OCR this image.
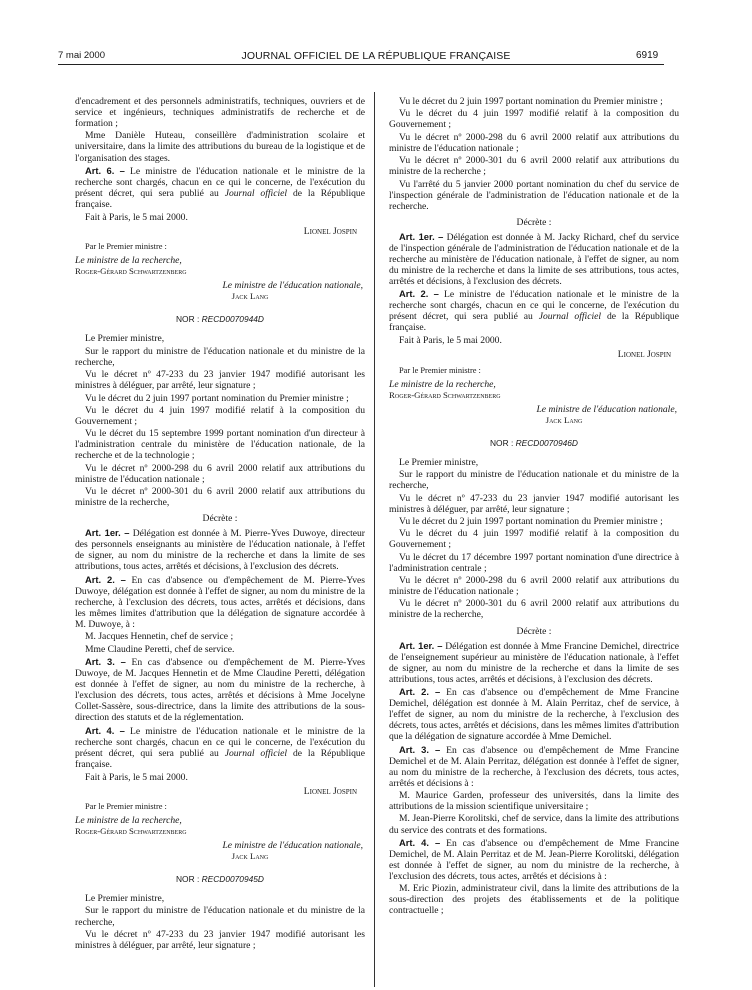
7 mai 2000	JOURNAL OFFICIEL DE LA RÉPUBLIQUE FRANÇAISE	6919

d'encadrement et des personnels administratifs, techniques, ouvriers et de service et ingénieurs, techniques administratifs de recherche et de formation ;

Mme Danièle Huteau, conseillère d'administration scolaire et universitaire, dans la limite des attributions du bureau de la logistique et de l'organisation des stages.

Art. 6. – Le ministre de l'éducation nationale et le ministre de la recherche sont chargés, chacun en ce qui le concerne, de l'exécution du présent décret, qui sera publié au Journal officiel de la République française.

Fait à Paris, le 5 mai 2000.

Lionel Jospin

Par le Premier ministre :

Le ministre de la recherche,

Roger-Gérard Schwartzenberg

Le ministre de l'éducation nationale,

Jack Lang

NOR : RECD0070944D

Le Premier ministre,

Sur le rapport du ministre de l'éducation nationale et du ministre de la recherche,

Vu le décret nº 47-233 du 23 janvier 1947 modifié autorisant les ministres à déléguer, par arrêté, leur signature ;

Vu le décret du 2 juin 1997 portant nomination du Premier ministre ;

Vu le décret du 4 juin 1997 modifié relatif à la composition du Gouvernement ;

Vu le décret du 15 septembre 1999 portant nomination d'un directeur à l'administration centrale du ministère de l'éducation nationale, de la recherche et de la technologie ;

Vu le décret nº 2000-298 du 6 avril 2000 relatif aux attributions du ministre de l'éducation nationale ;

Vu le décret nº 2000-301 du 6 avril 2000 relatif aux attributions du ministre de la recherche,

Décrète :

Art. 1er. – Délégation est donnée à M. Pierre-Yves Duwoye, directeur des personnels enseignants au ministère de l'éducation nationale, à l'effet de signer, au nom du ministre de la recherche et dans la limite de ses attributions, tous actes, arrêtés et décisions, à l'exclusion des décrets.

Art. 2. – En cas d'absence ou d'empêchement de M. Pierre-Yves Duwoye, délégation est donnée à l'effet de signer, au nom du ministre de la recherche, à l'exclusion des décrets, tous actes, arrêtés et décisions, dans les mêmes limites d'attribution que la délégation de signature accordée à M. Duwoye, à :

M. Jacques Hennetin, chef de service ;

Mme Claudine Peretti, chef de service.

Art. 3. – En cas d'absence ou d'empêchement de M. Pierre-Yves Duwoye, de M. Jacques Hennetin et de Mme Claudine Peretti, délégation est donnée à l'effet de signer, au nom du ministre de la recherche, à l'exclusion des décrets, tous actes, arrêtés et décisions à Mme Jocelyne Collet-Sassère, sous-directrice, dans la limite des attributions de la sous-direction des statuts et de la réglementation.

Art. 4. – Le ministre de l'éducation nationale et le ministre de la recherche sont chargés, chacun en ce qui le concerne, de l'exécution du présent décret, qui sera publié au Journal officiel de la République française.

Fait à Paris, le 5 mai 2000.

Lionel Jospin

Par le Premier ministre :

Le ministre de la recherche,

Roger-Gérard Schwartzenberg

Le ministre de l'éducation nationale,

Jack Lang

NOR : RECD0070945D

Le Premier ministre,

Sur le rapport du ministre de l'éducation nationale et du ministre de la recherche,

Vu le décret nº 47-233 du 23 janvier 1947 modifié autorisant les ministres à déléguer, par arrêté, leur signature ;

Vu le décret du 2 juin 1997 portant nomination du Premier ministre ;

Vu le décret du 4 juin 1997 modifié relatif à la composition du Gouvernement ;

Vu le décret nº 2000-298 du 6 avril 2000 relatif aux attributions du ministre de l'éducation nationale ;

Vu le décret nº 2000-301 du 6 avril 2000 relatif aux attributions du ministre de la recherche ;

Vu l'arrêté du 5 janvier 2000 portant nomination du chef du service de l'inspection générale de l'administration de l'éducation nationale et de la recherche.

Décrète :

Art. 1er. – Délégation est donnée à M. Jacky Richard, chef du service de l'inspection générale de l'administration de l'éducation nationale et de la recherche au ministère de l'éducation nationale, à l'effet de signer, au nom du ministre de la recherche et dans la limite de ses attributions, tous actes, arrêtés et décisions, à l'exclusion des décrets.

Art. 2. – Le ministre de l'éducation nationale et le ministre de la recherche sont chargés, chacun en ce qui le concerne, de l'exécution du présent décret, qui sera publié au Journal officiel de la République française.

Fait à Paris, le 5 mai 2000.

Lionel Jospin

Par le Premier ministre :

Le ministre de la recherche,

Roger-Gérard Schwartzenberg

Le ministre de l'éducation nationale,

Jack Lang

NOR : RECD0070946D

Le Premier ministre,

Sur le rapport du ministre de l'éducation nationale et du ministre de la recherche,

Vu le décret nº 47-233 du 23 janvier 1947 modifié autorisant les ministres à déléguer, par arrêté, leur signature ;

Vu le décret du 2 juin 1997 portant nomination du Premier ministre ;

Vu le décret du 4 juin 1997 modifié relatif à la composition du Gouvernement ;

Vu le décret du 17 décembre 1997 portant nomination d'une directrice à l'administration centrale ;

Vu le décret nº 2000-298 du 6 avril 2000 relatif aux attributions du ministre de l'éducation nationale ;

Vu le décret nº 2000-301 du 6 avril 2000 relatif aux attributions du ministre de la recherche,

Décrète :

Art. 1er. – Délégation est donnée à Mme Francine Demichel, directrice de l'enseignement supérieur au ministère de l'éducation nationale, à l'effet de signer, au nom du ministre de la recherche et dans la limite de ses attributions, tous actes, arrêtés et décisions, à l'exclusion des décrets.

Art. 2. – En cas d'absence ou d'empêchement de Mme Francine Demichel, délégation est donnée à M. Alain Perritaz, chef de service, à l'effet de signer, au nom du ministre de la recherche, à l'exclusion des décrets, tous actes, arrêtés et décisions, dans les mêmes limites d'attribution que la délégation de signature accordée à Mme Demichel.

Art. 3. – En cas d'absence ou d'empêchement de Mme Francine Demichel et de M. Alain Perritaz, délégation est donnée à l'effet de signer, au nom du ministre de la recherche, à l'exclusion des décrets, tous actes, arrêtés et décisions à :

M. Maurice Garden, professeur des universités, dans la limite des attributions de la mission scientifique universitaire ;

M. Jean-Pierre Korolitski, chef de service, dans la limite des attributions du service des contrats et des formations.

Art. 4. – En cas d'absence ou d'empêchement de Mme Francine Demichel, de M. Alain Perritaz et de M. Jean-Pierre Korolitski, délégation est donnée à l'effet de signer, au nom du ministre de la recherche, à l'exclusion des décrets, tous actes, arrêtés et décisions à :

M. Eric Piozin, administrateur civil, dans la limite des attributions de la sous-direction des projets des établissements et de la politique contractuelle ;
